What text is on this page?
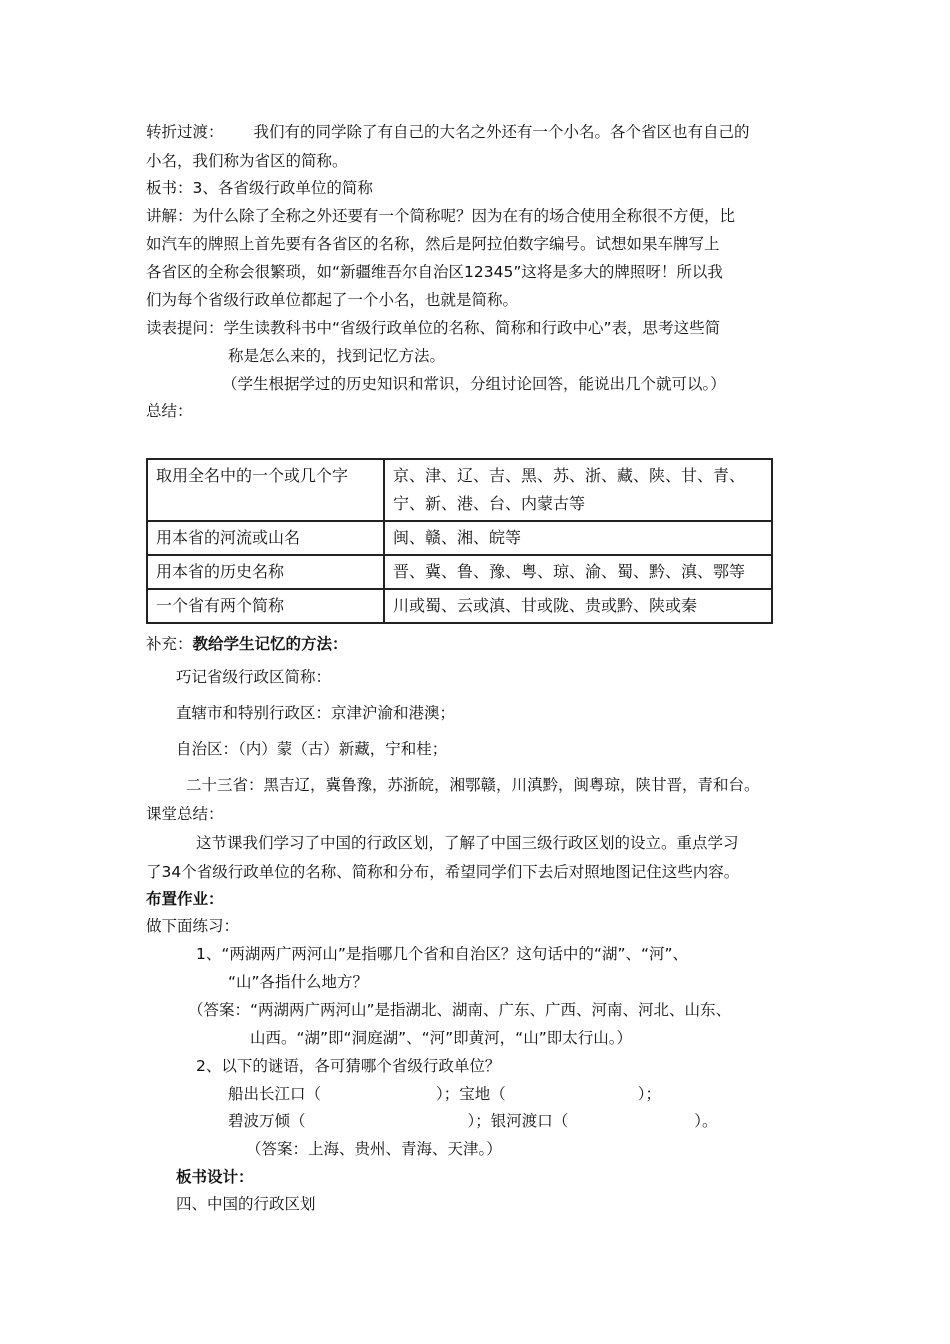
转折过渡： 我们有的同学除了有自己的大名之外还有一个小名。各个省区也有自己的
小名，我们称为省区的简称。
板书：3、各省级行政单位的简称
讲解：为什么除了全称之外还要有一个简称呢？因为在有的场合使用全称很不方便，比
如汽车的牌照上首先要有各省区的名称，然后是阿拉伯数字编号。试想如果车牌写上
各省区的全称会很繁琐，如“新疆维吾尔自治区12345”这将是多大的牌照呀！所以我
们为每个省级行政单位都起了一个小名，也就是简称。
读表提问：学生读教科书中“省级行政单位的名称、简称和行政中心”表，思考这些简
称是怎么来的，找到记忆方法。
（学生根据学过的历史知识和常识，分组讨论回答，能说出几个就可以。）
总结：
取用全名中的一个或几个字	京、津、辽、吉、黑、苏、浙、藏、陕、甘、青、宁、新、港、台、内蒙古等
用本省的河流或山名	闽、赣、湘、皖等
用本省的历史名称	晋、冀、鲁、豫、粤、琼、渝、蜀、黔、滇、鄂等
一个省有两个简称	川或蜀、云或滇、甘或陇、贵或黔、陕或秦
补充：教给学生记忆的方法：
巧记省级行政区简称：
直辖市和特别行政区：京津沪渝和港澳；
自治区：（内）蒙（古）新藏，宁和桂；
二十三省：黑吉辽，冀鲁豫，苏浙皖，湘鄂赣，川滇黔，闽粤琼，陕甘晋，青和台。
课堂总结：
这节课我们学习了中国的行政区划，了解了中国三级行政区划的设立。重点学习
了34个省级行政单位的名称、简称和分布，希望同学们下去后对照地图记住这些内容。
布置作业：
做下面练习：
1、“两湖两广两河山”是指哪几个省和自治区？这句话中的“湖”、“河”、
“山”各指什么地方？
（答案：“两湖两广两河山”是指湖北、湖南、广东、广西、河南、河北、山东、
山西。“湖”即“洞庭湖”、“河”即黄河，“山”即太行山。）
2、以下的谜语，各可猜哪个省级行政单位？
船出长江口（	）；宝地（	）；
碧波万倾（	）；银河渡口（	）。
（答案：上海、贵州、青海、天津。）
板书设计：
四、中国的行政区划
